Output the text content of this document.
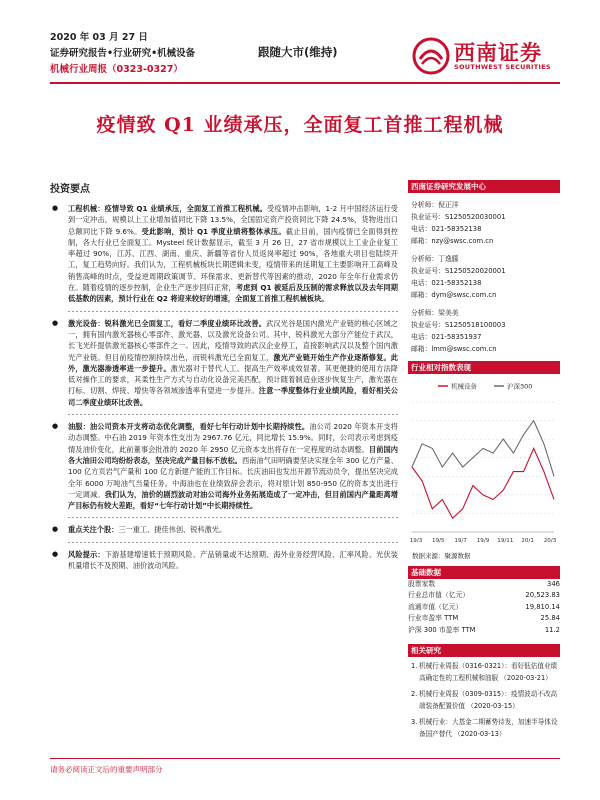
2020 年 03 月 27 日
证券研究报告•行业研究•机械设备
机械行业周报（0323-0327）
跟随大市(维持)	西南证券
SOUTHWEST SECURITIES
疫情致 Q1 业绩承压，全面复工首推工程机械
投资要点
● 工程机械：疫情导致 Q1 业绩承压，全面复工首推工程机械。受疫情冲击影响，1-2 月中国经济运行受到一定冲击，规模以上工业增加值同比下降 13.5%，全国固定资产投资同比下降 24.5%，货物进出口总额同比下降 9.6%。受此影响，预计 Q1 季度业绩将整体承压。截止目前，国内疫情已全面得到控制，各大行业已全面复工。Mysteel 统计数据显示，截至 3 月 26 日，27 省市规模以上工业企业复工率超过 90%，江苏、江西、湖南、重庆、新疆等省份人员返岗率超过 90%，各地重大项目也陆续开工，复工趋势向好。我们认为，工程机械板块长期逻辑未变，疫情带来的延期复工主要影响开工高峰及销售高峰的时点，受益逆周期政策调节、环保需求、更新替代等因素的推动，2020 年全年行业需求仍在。随着疫情的逐步控制，企业生产逐步回归正常，考虑到 Q1 被延后及压制的需求释放以及去年同期低基数的因素，预计行业在 Q2 将迎来较好的增速，全面复工首推工程机械板块。
● 激光设备：锐科激光已全面复工，看好二季度业绩环比改善。武汉光谷是国内激光产业链的核心区域之一，拥有国内激光器核心零部件、激光器、以及激光设备公司。其中，锐科激光大部分产能位于武汉，长飞光纤提供激光器核心零部件之一。因此，疫情导致的武汉企业停工，直接影响武汉以及整个国内激光产业链。但目前疫情控制持续出色，而锐科激光已全面复工，激光产业链开始生产作业逐渐修复。此外，激光器渗透率进一步提升。激光器对于替代人工、提高生产效率成效显著。其更便捷的使用方法降低对操作工的要求，其柔性生产方式与自动化设备完美匹配，预计随着制造业逐步恢复生产，激光器在打标、切割、焊接、增快等各领域渗透率有望进一步提升。注意一季度整体行业业绩风险，看好相关公司二季度业绩环比改善。
● 油服：油公司资本开支将动态优化调整，看好七年行动计划中长期持续性。油公司 2020 年资本开支将动态调整。中石油 2019 年资本性支出为 2967.76 亿元，同比增长 15.9%。同时，公司表示考虑到疫情及油价变化，此前董事会批准的 2020 年 2950 亿元资本支出将存在一定程度的动态调整。目前国内各大油田公司均纷纷表态，坚决完成产量目标不放松。西南油气田明确要坚决实现全年 300 亿方产量、100 亿方页岩气产量和 100 亿方新建产能的工作目标。长庆油田也发出开源节流动员令，提出坚决完成全年 6000 万吨油气当量任务。中海油也在业绩致辞会表示，将对原计划 850-950 亿的资本支出进行一定调减。我们认为，油价的剧烈波动对油公司海外业务拓展造成了一定冲击，但目前国内产量距离增产目标仍有较大差距，看好“七年行动计划”中长期持续性。
● 重点关注个股：三一重工、捷佳伟创、锐科激光。
● 风险提示：下游基建增速低于预期风险、产品销量或不达预期、海外业务经营风险、汇率风险、光伏装机量增长不及预期、油价波动风险。
西南证券研究发展中心
分析师：倪正洋
执业证号：S1250520030001
电话：021-58352138
邮箱：nzy@swsc.com.cn
分析师：丁逸朦
执业证号：S1250520020001
电话：021-58352138
邮箱：dym@swsc.com.cn
分析师：梁美美
执业证号：S1250518100003
电话：021-58351937
邮箱：lmm@swsc.com.cn
行业相对指数表现
机械设备	沪深300
19/3 19/5 19/7 19/9 19/11 20/1 20/3
数据来源：聚源数据
基础数据
股票家数	346
行业总市值（亿元）	20,523.83
流通市值（亿元）	19,810.14
行业市盈率 TTM	25.84
沪深 300 市盈率 TTM	11.2
相关研究
1. 机械行业周报（0316-0321）：看好低估值业绩高确定性的工程机械和油服 （2020-03-21）
2. 机械行业周报（0309-0315）：疫情波动不改高端装备配置价值 （2020-03-15）
3. 机械行业：大基金二期蓄势待发，加速半导体设备国产替代 （2020-03-13）
请务必阅读正文后的重要声明部分
